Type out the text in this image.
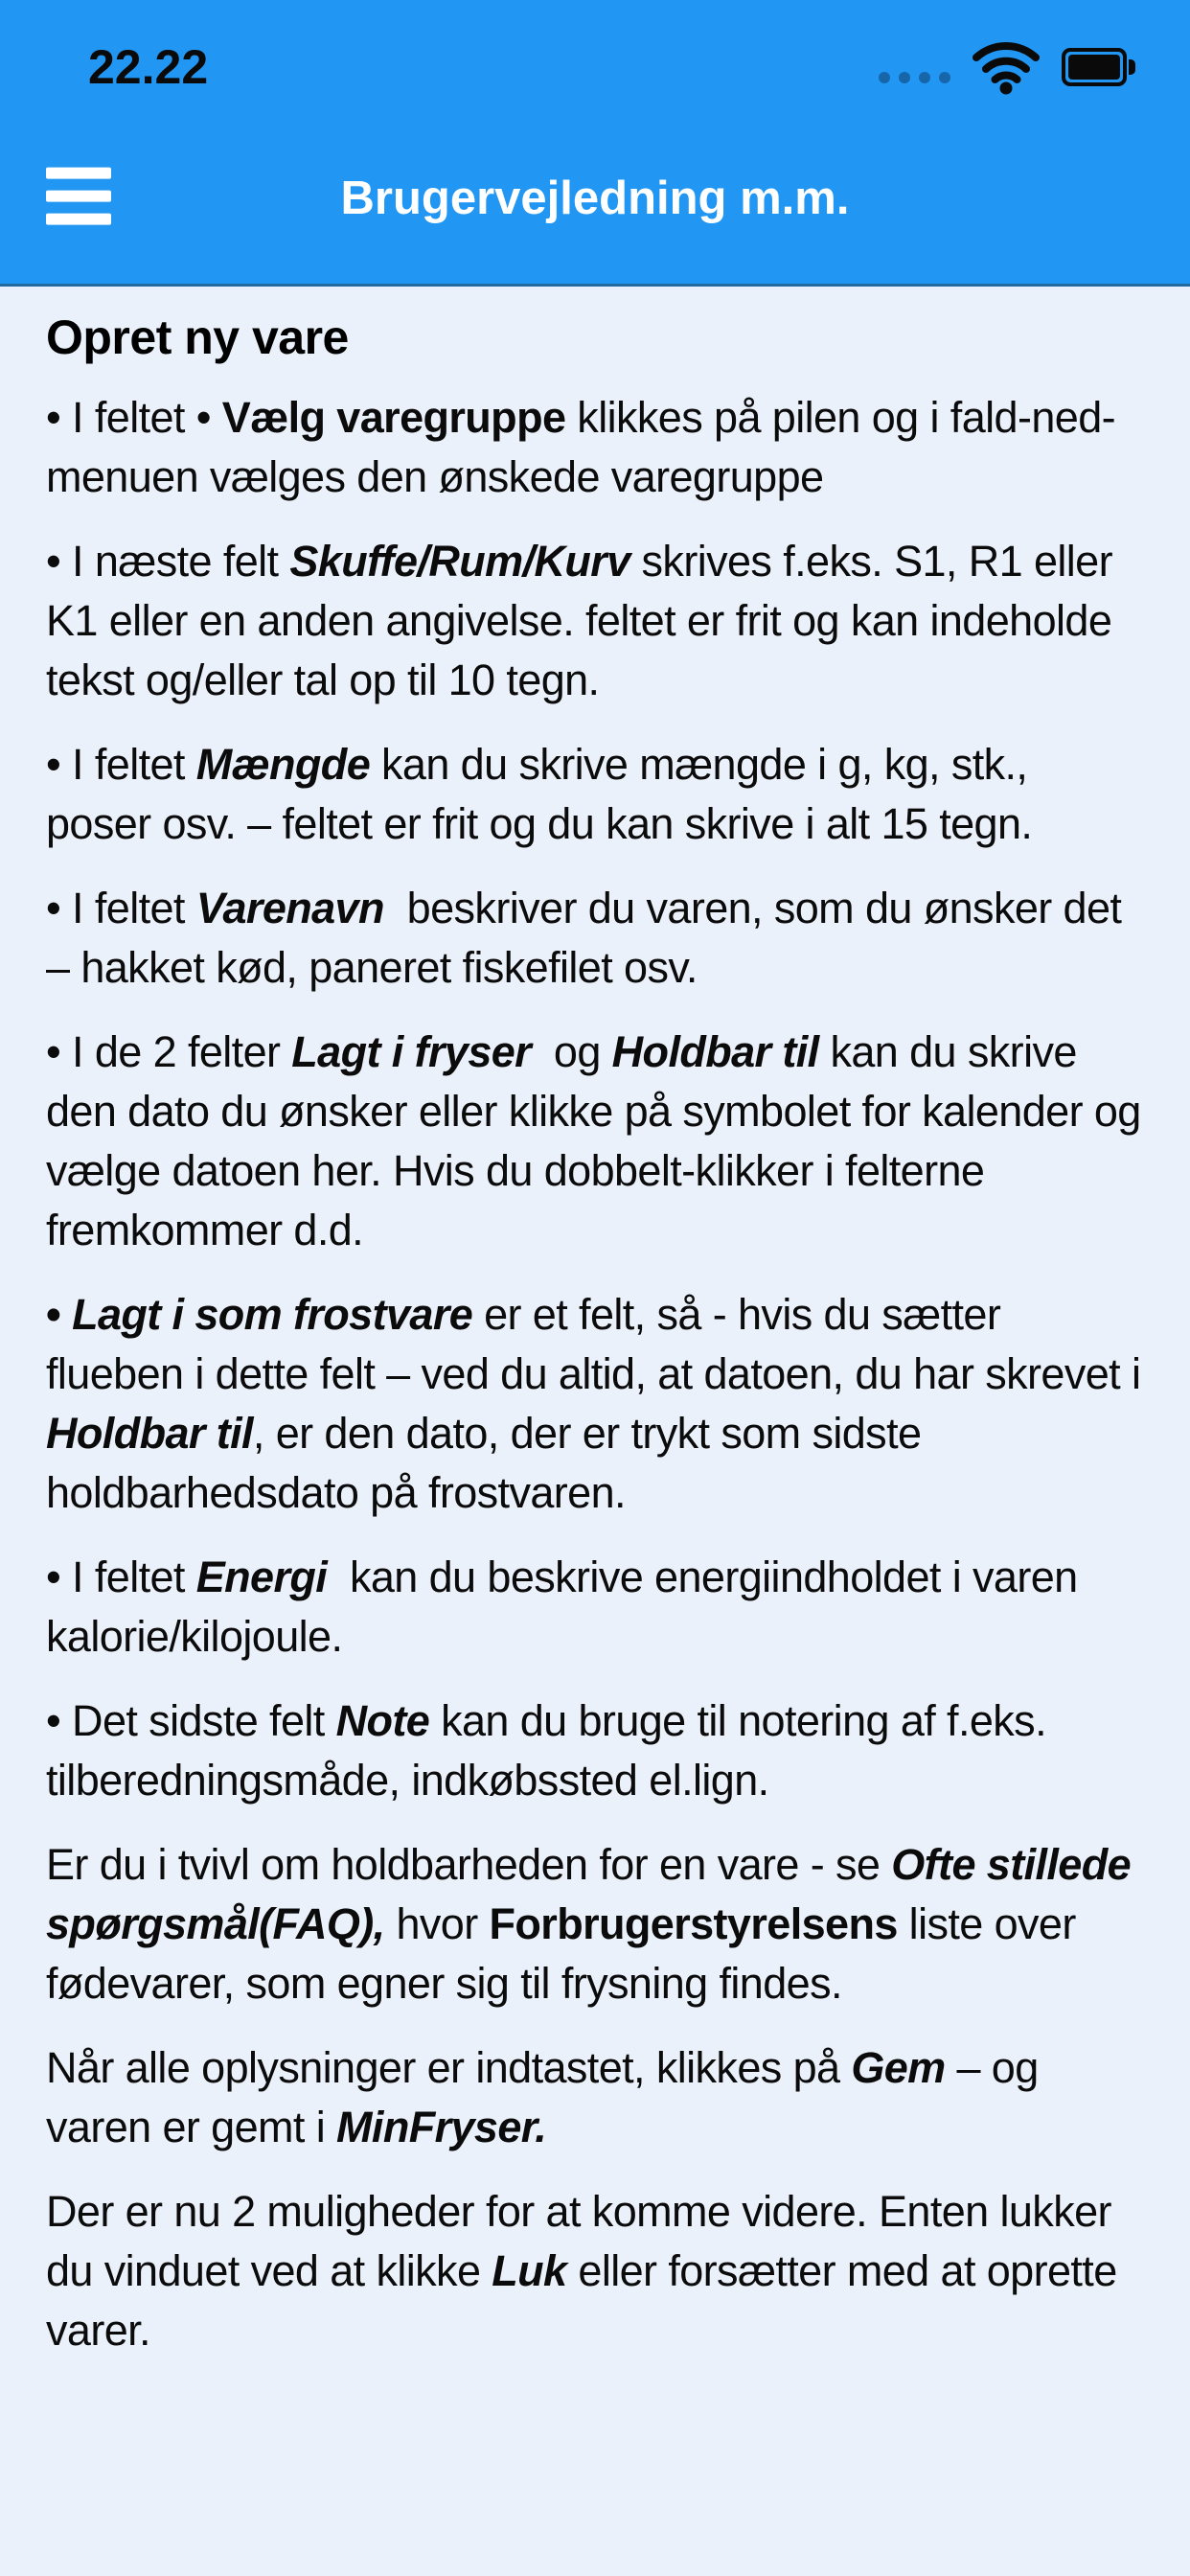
22.22
Brugervejledning m.m.
Opret ny vare

• I feltet • Vælg varegruppe klikkes på pilen og i fald-ned-menuen vælges den ønskede varegruppe

• I næste felt Skuffe/Rum/Kurv skrives f.eks. S1, R1 eller K1 eller en anden angivelse. feltet er frit og kan indeholde tekst og/eller tal op til 10 tegn.

• I feltet Mængde kan du skrive mængde i g, kg, stk., poser osv. – feltet er frit og du kan skrive i alt 15 tegn.

• I feltet Varenavn  beskriver du varen, som du ønsker det – hakket kød, paneret fiskefilet osv.

• I de 2 felter Lagt i fryser  og Holdbar til kan du skrive den dato du ønsker eller klikke på symbolet for kalender og vælge datoen her. Hvis du dobbelt-klikker i felterne fremkommer d.d.

• Lagt i som frostvare er et felt, så - hvis du sætter flueben i dette felt – ved du altid, at datoen, du har skrevet i Holdbar til, er den dato, der er trykt som sidste holdbarhedsdato på frostvaren.

• I feltet Energi  kan du beskrive energiindholdet i varen kalorie/kilojoule.

• Det sidste felt Note kan du bruge til notering af f.eks. tilberedningsmåde, indkøbssted el.lign.

Er du i tvivl om holdbarheden for en vare - se Ofte stillede spørgsmål(FAQ), hvor Forbrugerstyrelsens liste over fødevarer, som egner sig til frysning findes.

Når alle oplysninger er indtastet, klikkes på Gem – og varen er gemt i MinFryser.

Der er nu 2 muligheder for at komme videre. Enten lukker du vinduet ved at klikke Luk eller forsætter med at oprette varer.
